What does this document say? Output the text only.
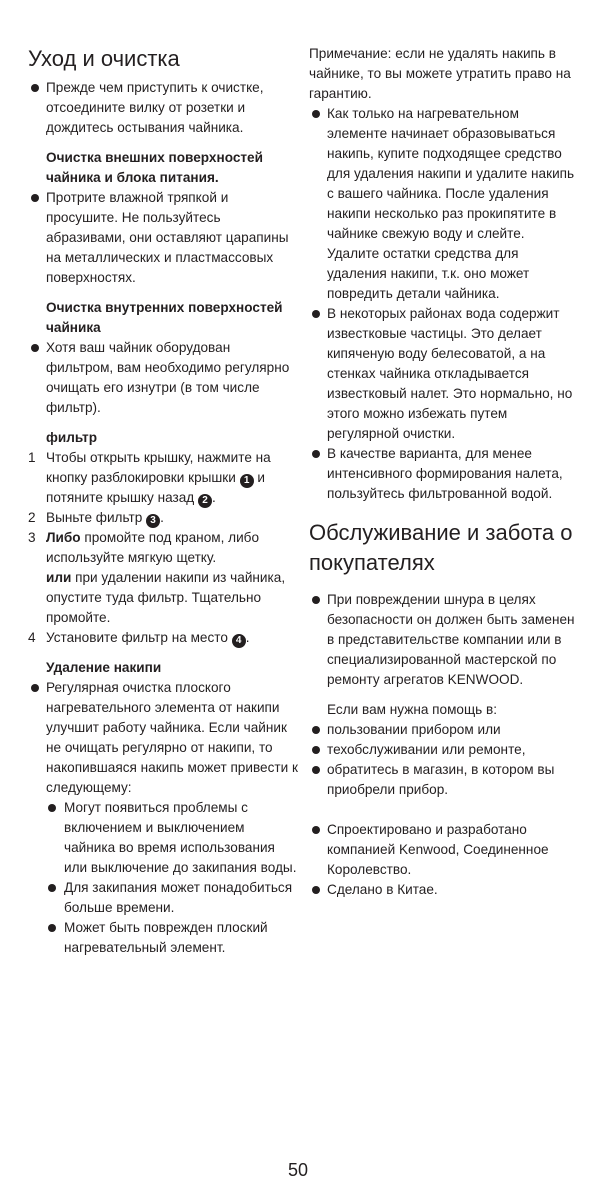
Уход и очистка
Прежде чем приступить к очистке, отсоедините вилку от розетки и дождитесь остывания чайника.
Очистка внешних поверхностей чайника и блока питания.
Протрите влажной тряпкой и просушите. Не пользуйтесь абразивами, они оставляют царапины на металлических и пластмассовых поверхностях.
Очистка внутренних поверхностей чайника
Хотя ваш чайник оборудован фильтром, вам необходимо регулярно очищать его изнутри (в том числе фильтр).
фильтр
1 Чтобы открыть крышку, нажмите на кнопку разблокировки крышки 1 и потяните крышку назад 2 .
2 Выньте фильтр 3 .
3 Либо промойте под краном, либо используйте мягкую щетку.
или при удалении накипи из чайника, опустите туда фильтр. Тщательно промойте.
4 Установите фильтр на место 4 .
Удаление накипи
Регулярная очистка плоского нагревательного элемента от накипи улучшит работу чайника. Если чайник не очищать регулярно от накипи, то накопившаяся накипь может привести к следующему:
Могут появиться проблемы с включением и выключением чайника во время использования или выключение до закипания воды.
Для закипания может понадобиться больше времени.
Может быть поврежден плоский нагревательный элемент.
Примечание: если не удалять накипь в чайнике, то вы можете утратить право на гарантию.
Как только на нагревательном элементе начинает образовываться накипь, купите подходящее средство для удаления накипи и удалите накипь с вашего чайника. После удаления накипи несколько раз прокипятите в чайнике свежую воду и слейте. Удалите остатки средства для удаления накипи, т.к. оно может повредить детали чайника.
В некоторых районах вода содержит известковые частицы. Это делает кипяченую воду белесоватой, а на стенках чайника откладывается известковый налет. Это нормально, но этого можно избежать путем регулярной очистки.
В качестве варианта, для менее интенсивного формирования налета, пользуйтесь фильтрованной водой.
Обслуживание и забота о покупателях
При повреждении шнура в целях безопасности он должен быть заменен в представительстве компании или в специализированной мастерской по ремонту агрегатов KENWOOD.
Если вам нужна помощь в:
пользовании прибором или
техобслуживании или ремонте,
обратитесь в магазин, в котором вы приобрели прибор.
Спроектировано и разработано компанией Kenwood, Соединенное Королевство.
Сделано в Китае.
50
